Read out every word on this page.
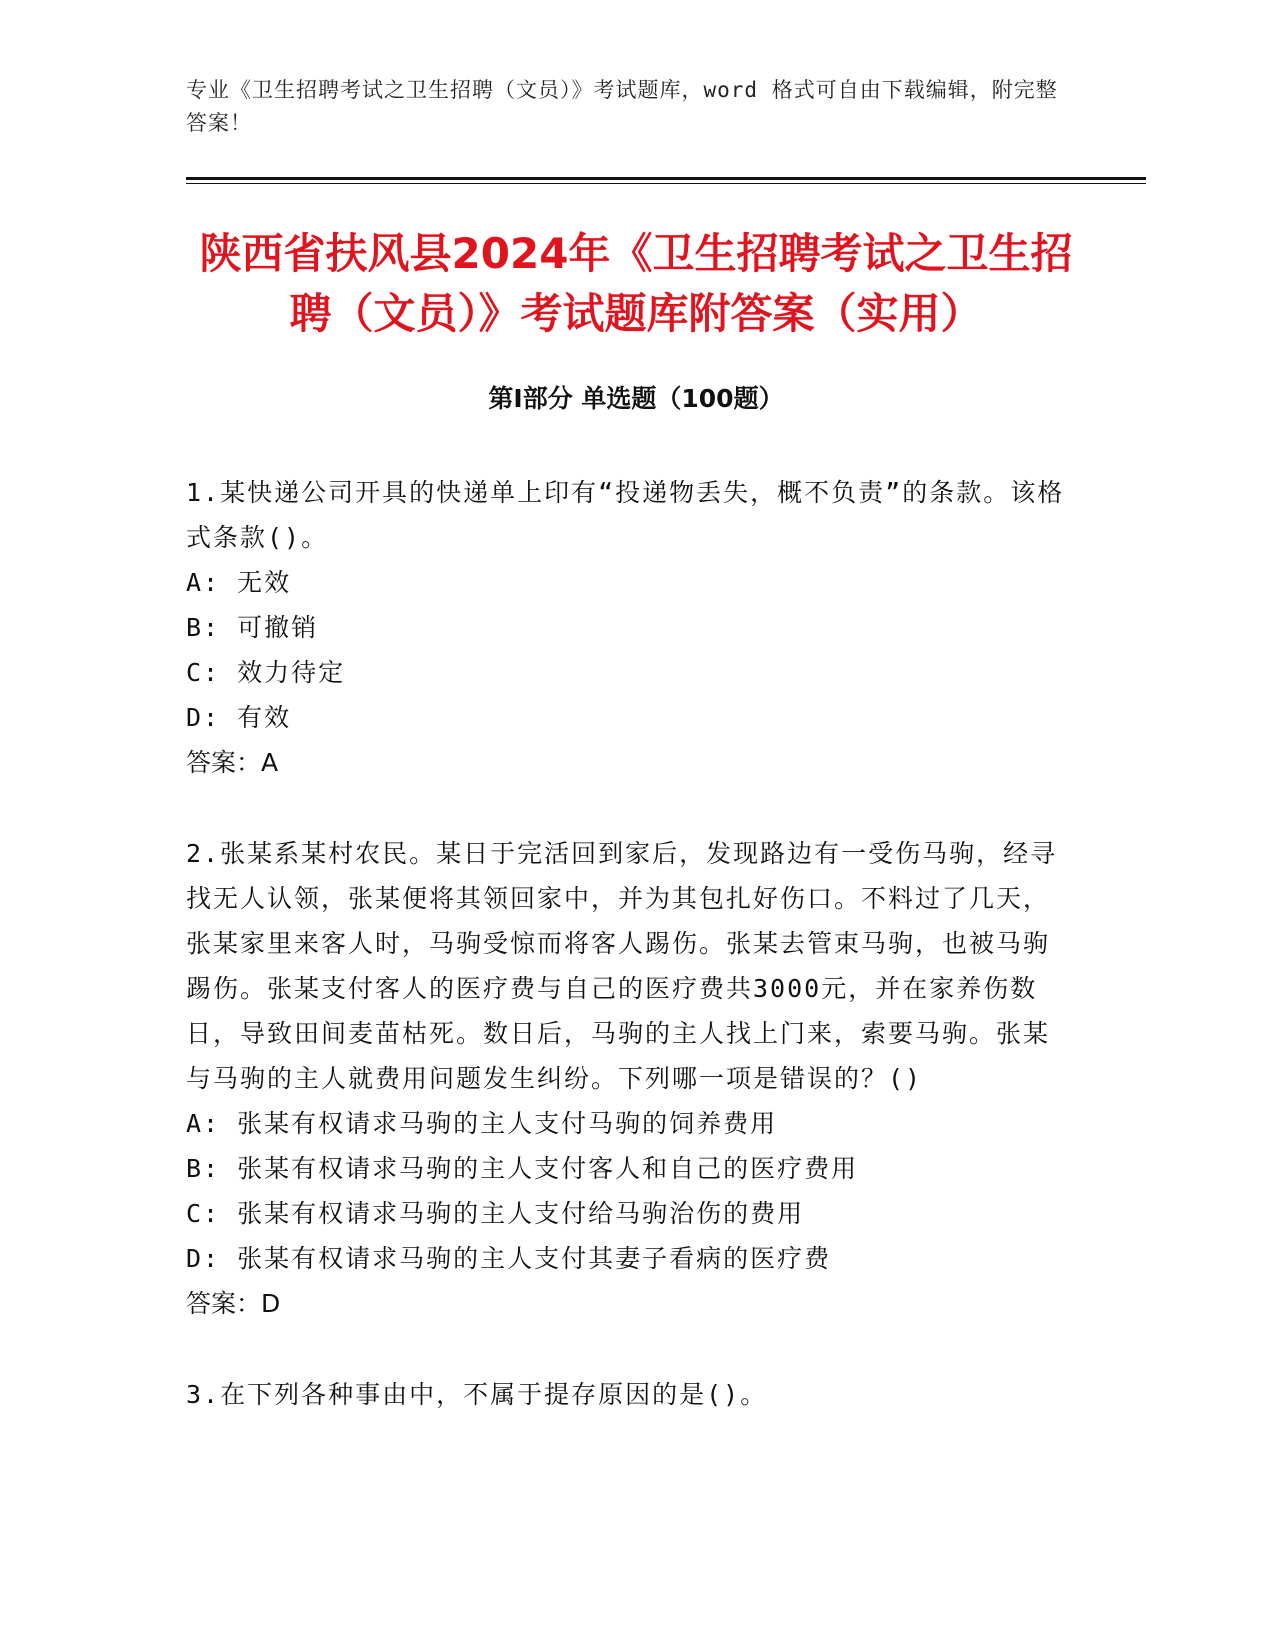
专业《卫生招聘考试之卫生招聘（文员）》考试题库，word 格式可自由下载编辑，附完整答案！
陕西省扶风县2024年《卫生招聘考试之卫生招聘（文员）》考试题库附答案（实用）
第Ⅰ部分 单选题（100题）
1.某快递公司开具的快递单上印有“投递物丢失，概不负责”的条款。该格式条款()。
A: 无效
B: 可撤销
C: 效力待定
D: 有效
答案：A
2.张某系某村农民。某日于完活回到家后，发现路边有一受伤马驹，经寻找无人认领，张某便将其领回家中，并为其包扎好伤口。不料过了几天，张某家里来客人时，马驹受惊而将客人踢伤。张某去管束马驹，也被马驹踢伤。张某支付客人的医疗费与自己的医疗费共3000元，并在家养伤数日，导致田间麦苗枯死。数日后，马驹的主人找上门来，索要马驹。张某与马驹的主人就费用问题发生纠纷。下列哪一项是错误的？()
A: 张某有权请求马驹的主人支付马驹的饲养费用
B: 张某有权请求马驹的主人支付客人和自己的医疗费用
C: 张某有权请求马驹的主人支付给马驹治伤的费用
D: 张某有权请求马驹的主人支付其妻子看病的医疗费
答案：D
3.在下列各种事由中，不属于提存原因的是()。
